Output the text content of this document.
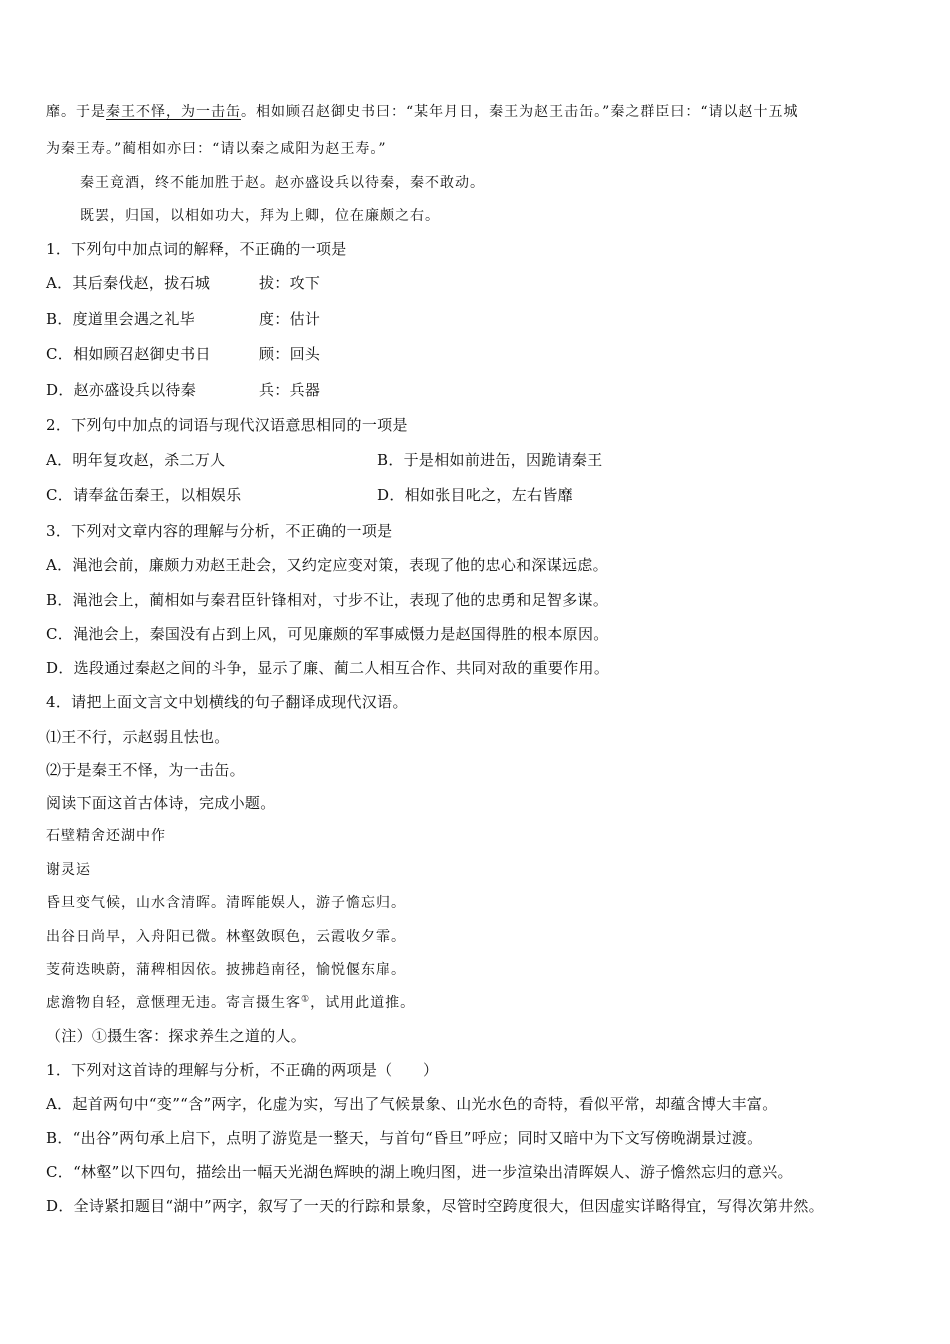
靡。于是秦王不怿，为一击缶。相如顾召赵御史书曰：“某年月日，秦王为赵王击缶。”秦之群臣曰：“请以赵十五城
为秦王寿。”蔺相如亦曰：“请以秦之咸阳为赵王寿。”
秦王竟酒，终不能加胜于赵。赵亦盛设兵以待秦，秦不敢动。
既罢，归国，以相如功大，拜为上卿，位在廉颇之右。
1．下列句中加点词的解释，不正确的一项是
A．其后秦伐赵，拔石城	拔：攻下
B．度道里会遇之礼毕	度：估计
C．相如顾召赵御史书日	顾：回头
D．赵亦盛设兵以待秦	兵：兵器
2．下列句中加点的词语与现代汉语意思相同的一项是
A．明年复攻赵，杀二万人	B．于是相如前进缶，因跪请秦王
C．请奉盆缶秦王，以相娱乐	D．相如张目叱之，左右皆靡
3．下列对文章内容的理解与分析，不正确的一项是
A．渑池会前，廉颇力劝赵王赴会，又约定应变对策，表现了他的忠心和深谋远虑。
B．渑池会上，蔺相如与秦君臣针锋相对，寸步不让，表现了他的忠勇和足智多谋。
C．渑池会上，秦国没有占到上风，可见廉颇的军事威慑力是赵国得胜的根本原因。
D．选段通过秦赵之间的斗争，显示了廉、蔺二人相互合作、共同对敌的重要作用。
4．请把上面文言文中划横线的句子翻译成现代汉语。
⑴王不行，示赵弱且怯也。
⑵于是秦王不怿，为一击缶。
阅读下面这首古体诗，完成小题。
石壁精舍还湖中作
谢灵运
昏旦变气候，山水含清晖。清晖能娱人，游子憺忘归。
出谷日尚早，入舟阳已微。林壑敛暝色，云霞收夕霏。
芰荷迭映蔚，蒲稗相因依。披拂趋南径，愉悦偃东扉。
虑澹物自轻，意惬理无违。寄言摄生客①，试用此道推。
（注）①摄生客：探求养生之道的人。
1．下列对这首诗的理解与分析，不正确的两项是（　　）
A．起首两句中“变”“含”两字，化虚为实，写出了气候景象、山光水色的奇特，看似平常，却蕴含博大丰富。
B．“出谷”两句承上启下，点明了游览是一整天，与首句“昏旦”呼应；同时又暗中为下文写傍晚湖景过渡。
C．“林壑”以下四句，描绘出一幅天光湖色辉映的湖上晚归图，进一步渲染出清晖娱人、游子憺然忘归的意兴。
D．全诗紧扣题目“湖中”两字，叙写了一天的行踪和景象，尽管时空跨度很大，但因虚实详略得宜，写得次第井然。
